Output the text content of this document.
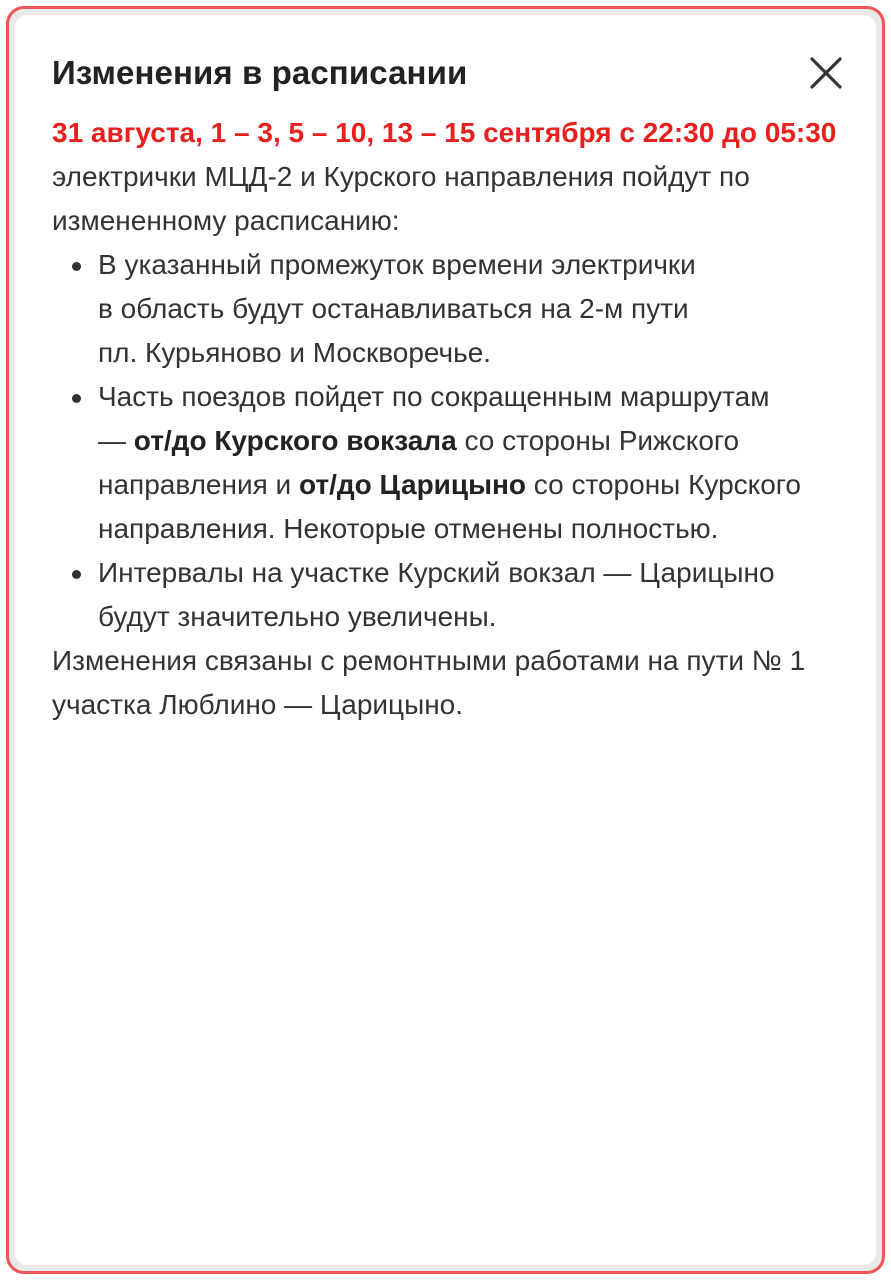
Изменения в расписании
31 августа, 1 – 3, 5 – 10, 13 – 15 сентября с 22:30 до 05:30
электрички МЦД-2 и Курского направления пойдут по измененному расписанию:
В указанный промежуток времени электрички
в область будут останавливаться на 2-м пути
пл. Курьяново и Москворечье.
Часть поездов пойдет по сокращенным маршрутам
— от/до Курского вокзала со стороны Рижского направления и от/до Царицыно со стороны Курского направления. Некоторые отменены полностью.
Интервалы на участке Курский вокзал — Царицыно
будут значительно увеличены.
Изменения связаны с ремонтными работами на пути № 1 участка Люблино — Царицыно.
